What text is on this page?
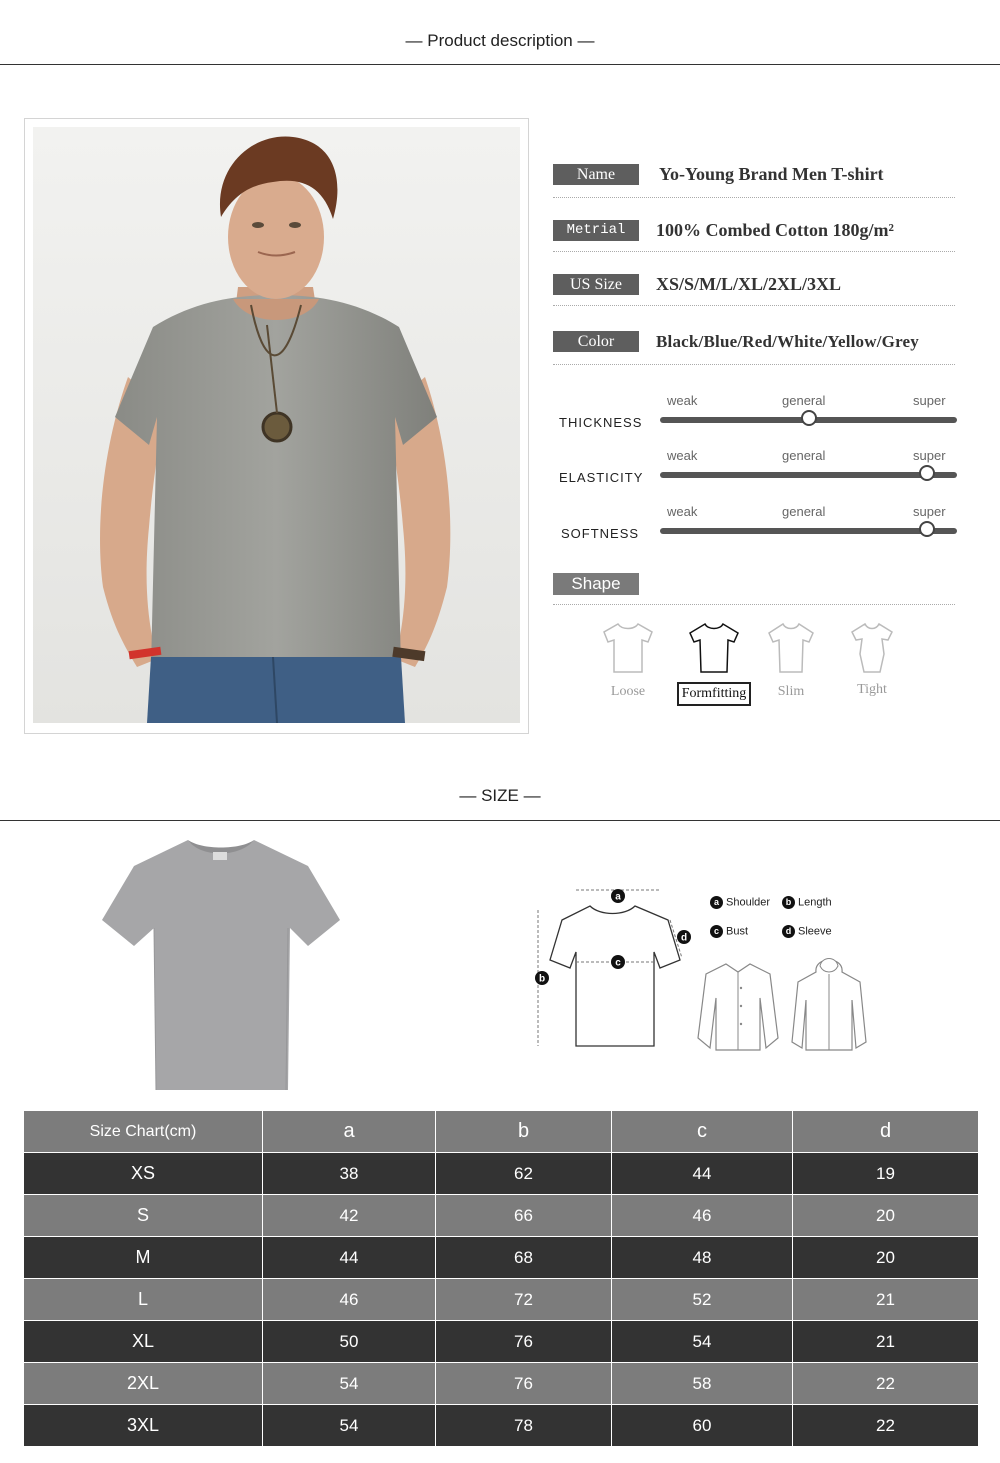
— Product description —
Name	Yo-Young Brand Men T-shirt
Metrial	100% Combed Cotton 180g/m²
US Size	XS/S/M/L/XL/2XL/3XL
Color	Black/Blue/Red/White/Yellow/Grey
THICKNESS
weak	general	super
ELASTICITY
weak	general	super
SOFTNESS
weak	general	super
Shape
Loose	Formfitting	Slim	Tight
— SIZE —
a
b
c
d
a Shoulder	b Length
c Bust	d Sleeve
Size Chart(cm)	a	b	c	d
XS	38	62	44	19
S	42	66	46	20
M	44	68	48	20
L	46	72	52	21
XL	50	76	54	21
2XL	54	76	58	22
3XL	54	78	60	22
